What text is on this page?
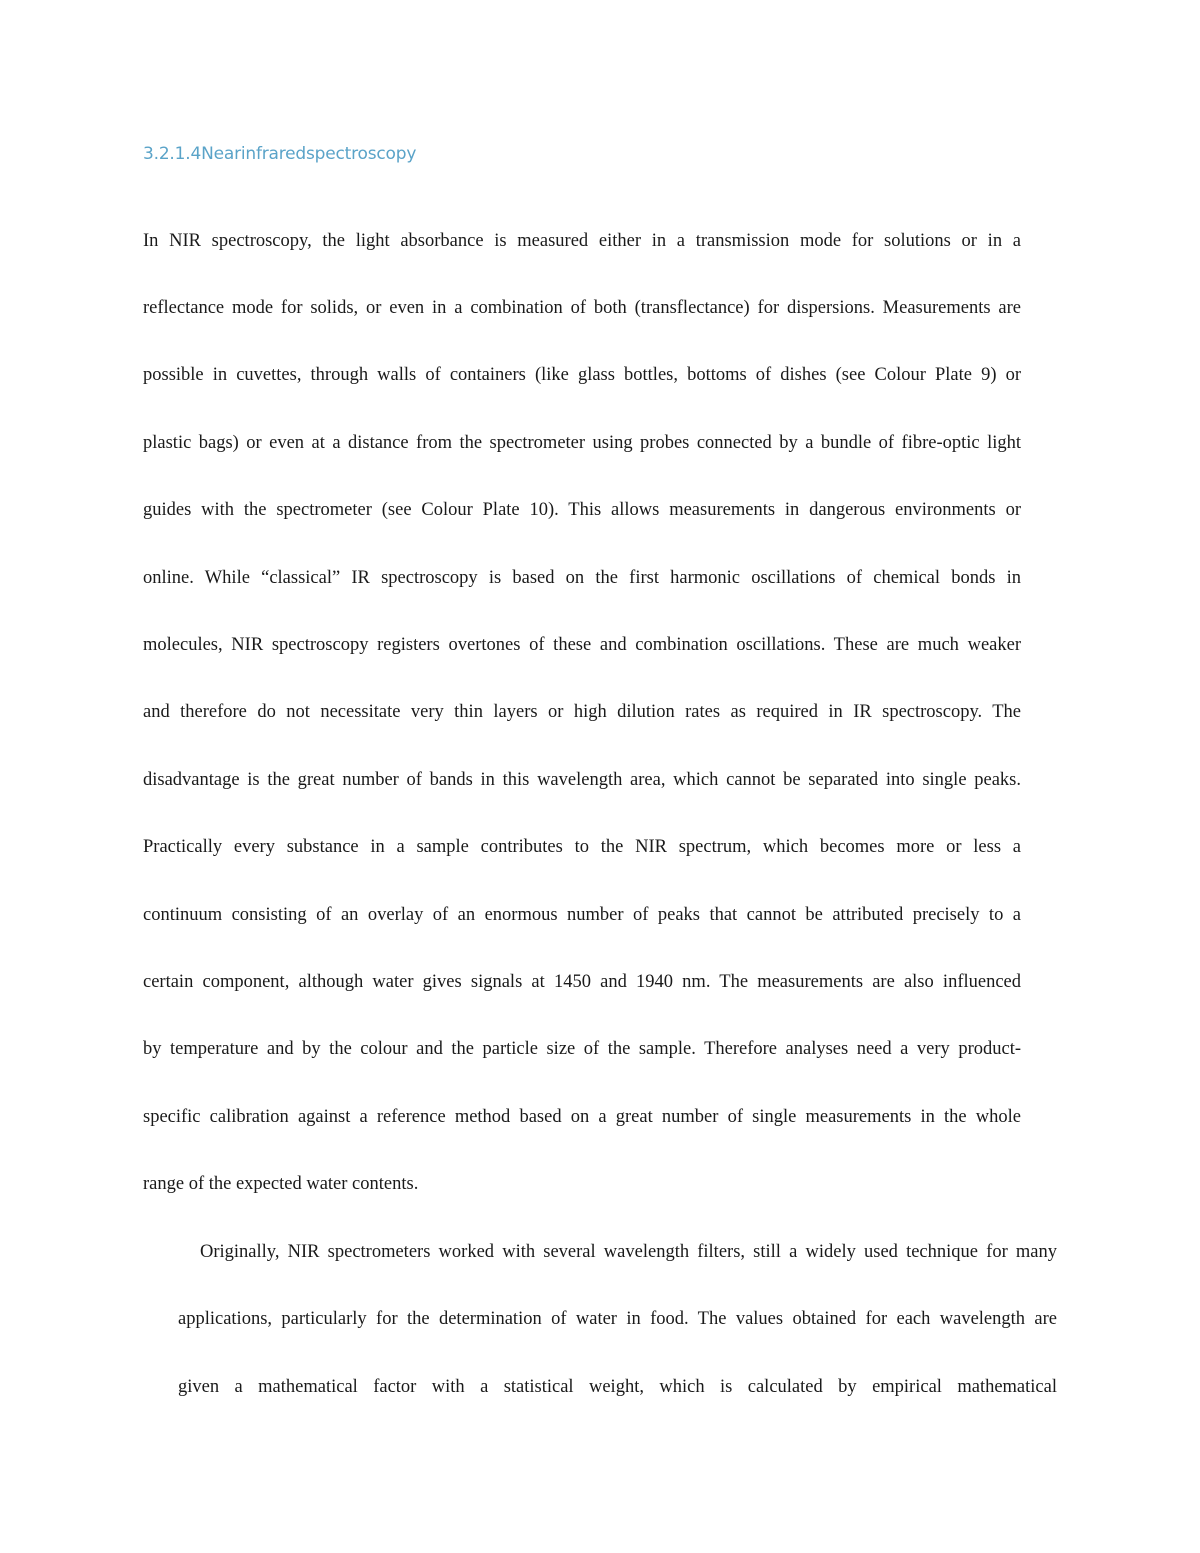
3.2.1.4Nearinfraredspectroscopy
In NIR spectroscopy, the light absorbance is measured either in a transmission mode for solutions or in a
reflectance mode for solids, or even in a combination of both (transflectance) for dispersions. Measurements are
possible in cuvettes, through walls of containers (like glass bottles, bottoms of dishes (see Colour Plate 9) or
plastic bags) or even at a distance from the spectrometer using probes connected by a bundle of fibre-optic light
guides with the spectrometer (see Colour Plate 10). This allows measurements in dangerous environments or
online. While “classical” IR spectroscopy is based on the first harmonic oscillations of chemical bonds in
molecules, NIR spectroscopy registers overtones of these and combination oscillations. These are much weaker
and therefore do not necessitate very thin layers or high dilution rates as required in IR spectroscopy. The
disadvantage is the great number of bands in this wavelength area, which cannot be separated into single peaks.
Practically every substance in a sample contributes to the NIR spectrum, which becomes more or less a
continuum consisting of an overlay of an enormous number of peaks that cannot be attributed precisely to a
certain component, although water gives signals at 1450 and 1940 nm. The measurements are also influenced
by temperature and by the colour and the particle size of the sample. Therefore analyses need a very product-
specific calibration against a reference method based on a great number of single measurements in the whole
range of the expected water contents.
Originally, NIR spectrometers worked with several wavelength filters, still a widely used technique for many
applications, particularly for the determination of water in food. The values obtained for each wavelength are
given a mathematical factor with a statistical weight, which is calculated by empirical mathematical
